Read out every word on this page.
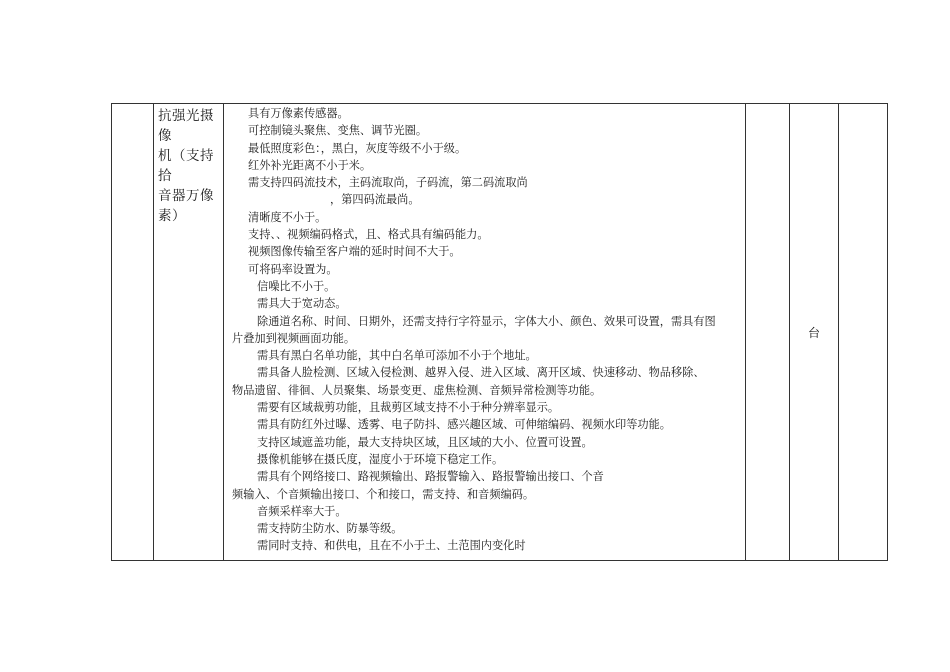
抗强光摄像
机（支持拾
音器万像
素）

具有万像素传感器。
可控制镜头聚焦、变焦、调节光圈。
最低照度彩色：，黑白，灰度等级不小于级。
红外补光距离不小于米。
需支持四码流技术，主码流取尚，子码流，第二码流取尚
，第四码流最尚。
清晰度不小于。
支持、、视频编码格式，且、格式具有编码能力。
视频图像传输至客户端的延时时间不大于。
可将码率设置为。
信噪比不小于。
需具大于宽动态。
除通道名称、时间、日期外，还需支持行字符显示，字体大小、颜色、效果可设置，需具有图
片叠加到视频画面功能。
需具有黑白名单功能，其中白名单可添加不小于个地址。
需具备人脸检测、区域入侵检测、越界入侵、进入区域、离开区域、快速移动、物品移除、
物品遗留、徘徊、人员聚集、场景变更、虚焦检测、音频异常检测等功能。
需要有区域裁剪功能，且裁剪区域支持不小于种分辨率显示。
需具有防红外过曝、透雾、电子防抖、感兴趣区域、可伸缩编码、视频水印等功能。
支持区域遮盖功能，最大支持块区域，且区域的大小、位置可设置。
摄像机能够在摄氏度，湿度小于环境下稳定工作。
需具有个网络接口、路视频输出、路报警输入、路报警输出接口、个音
频输入、个音频输出接口、个和接口，需支持、和音频编码。
音频采样率大于。
需支持防尘防水、防暴等级。
需同时支持、和供电，且在不小于土、土范围内变化时
		台	
